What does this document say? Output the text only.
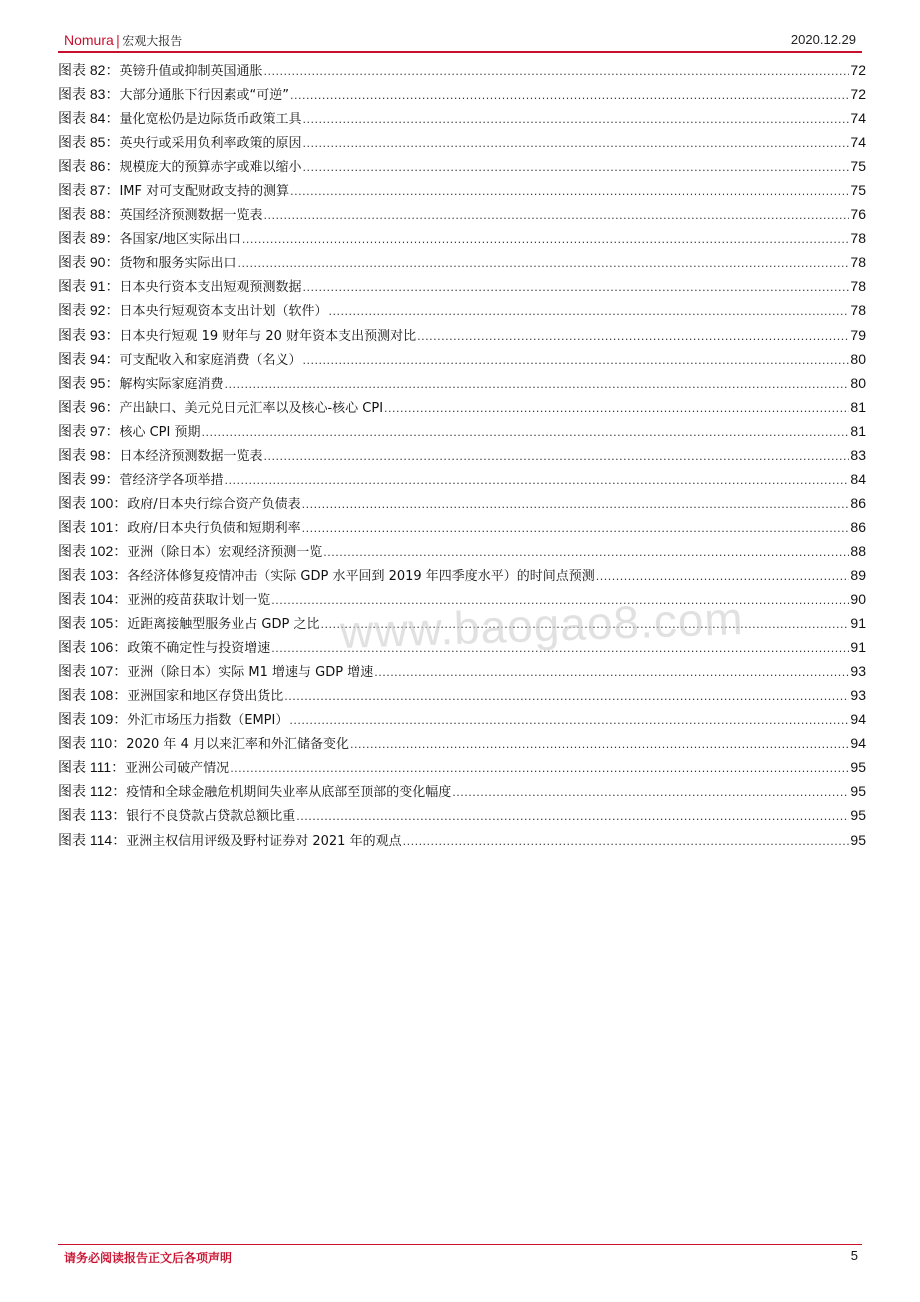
Nomura | 宏观大报告	2020.12.29
图表 82：英镑升值或抑制英国通胀 .....	72
图表 83：大部分通胀下行因素或“可逆” .....	72
图表 84：量化宽松仍是边际货币政策工具 .....	74
图表 85：英央行或采用负利率政策的原因 .....	74
图表 86：规模庞大的预算赤字或难以缩小 .....	75
图表 87：IMF 对可支配财政支持的测算 .....	75
图表 88：英国经济预测数据一览表 .....	76
图表 89：各国家/地区实际出口 .....	78
图表 90：货物和服务实际出口 .....	78
图表 91：日本央行资本支出短观预测数据 .....	78
图表 92：日本央行短观资本支出计划（软件） .....	78
图表 93：日本央行短观 19 财年与 20 财年资本支出预测对比 .....	79
图表 94：可支配收入和家庭消费（名义） .....	80
图表 95：解构实际家庭消费 .....	80
图表 96：产出缺口、美元兑日元汇率以及核心-核心 CPI .....	81
图表 97：核心 CPI 预期 .....	81
图表 98：日本经济预测数据一览表 .....	83
图表 99：菅经济学各项举措 .....	84
图表 100：政府/日本央行综合资产负债表 .....	86
图表 101：政府/日本央行负债和短期利率 .....	86
图表 102：亚洲（除日本）宏观经济预测一览 .....	88
图表 103：各经济体修复疫情冲击（实际 GDP 水平回到 2019 年四季度水平）的时间点预测 .....	89
图表 104：亚洲的疫苗获取计划一览 .....	90
图表 105：近距离接触型服务业占 GDP 之比 .....	91
图表 106：政策不确定性与投资增速 .....	91
图表 107：亚洲（除日本）实际 M1 增速与 GDP 增速 .....	93
图表 108：亚洲国家和地区存贷出货比 .....	93
图表 109：外汇市场压力指数（EMPI） .....	94
图表 110：2020 年 4 月以来汇率和外汇储备变化 .....	94
图表 111：亚洲公司破产情况 .....	95
图表 112：疫情和全球金融危机期间失业率从底部至顶部的变化幅度 .....	95
图表 113：银行不良贷款占贷款总额比重 .....	95
图表 114：亚洲主权信用评级及野村证券对 2021 年的观点 .....	95
www.baogao8.com
请务必阅读报告正文后各项声明	5
